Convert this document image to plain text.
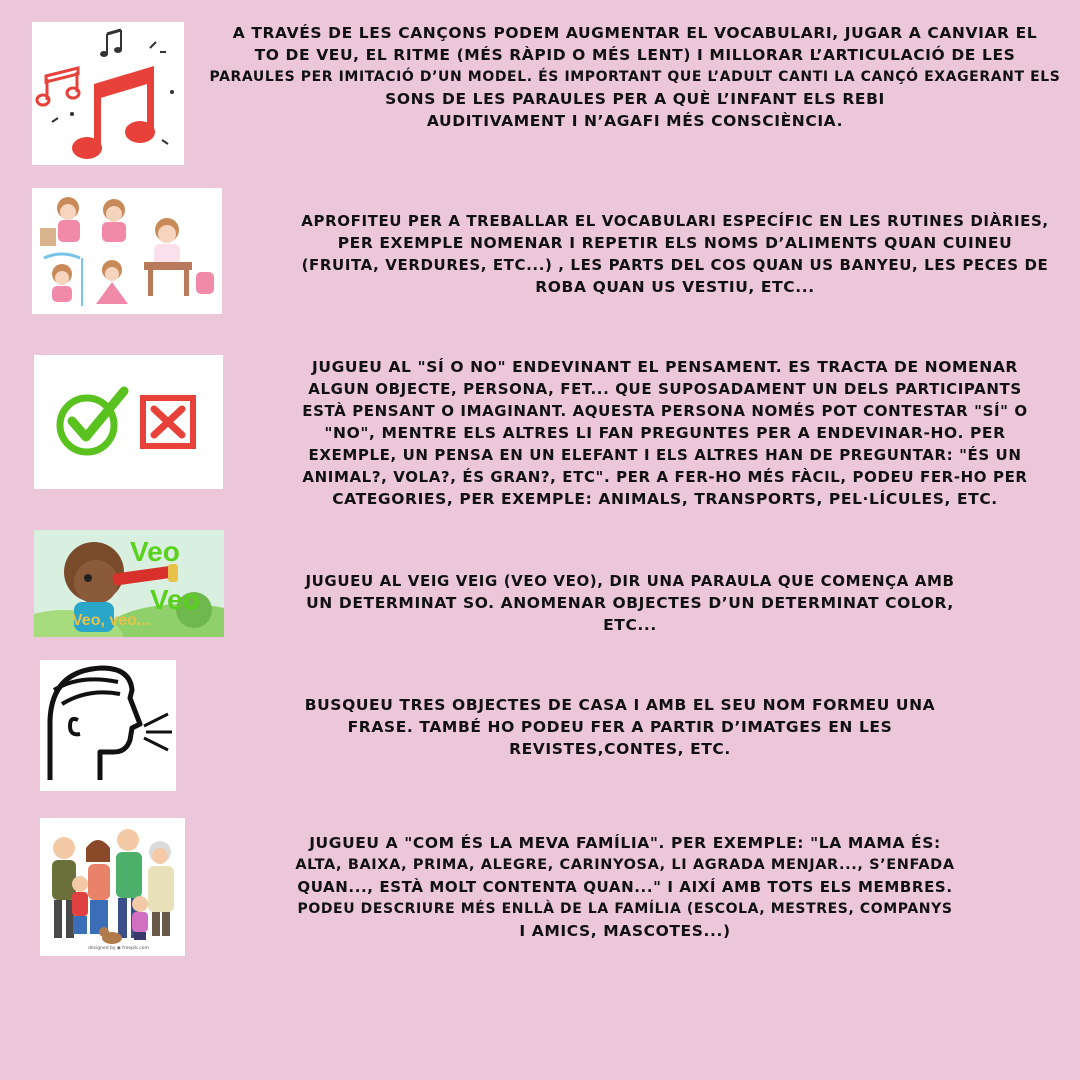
A TRAVÉS DE LES CANÇONS PODEM AUGMENTAR EL VOCABULARI, JUGAR A CANVIAR EL
TO DE VEU, EL RITME (MÉS RÀPID O MÉS LENT) I MILLORAR L’ARTICULACIÓ DE LES
PARAULES PER IMITACIÓ D’UN MODEL. ÉS IMPORTANT QUE L’ADULT CANTI LA CANÇÓ EXAGERANT ELS
SONS DE LES PARAULES PER A QUÈ L’INFANT ELS REBI
AUDITIVAMENT I N’AGAFI MÉS CONSCIÈNCIA.

APROFITEU PER A TREBALLAR EL VOCABULARI ESPECÍFIC EN LES RUTINES DIÀRIES,
PER EXEMPLE NOMENAR I REPETIR ELS NOMS D’ALIMENTS QUAN CUINEU
(FRUITA, VERDURES, ETC...) , LES PARTS DEL COS QUAN US BANYEU, LES PECES DE
ROBA QUAN US VESTIU, ETC...

JUGUEU AL "SÍ O NO" ENDEVINANT EL PENSAMENT. ES TRACTA DE NOMENAR
ALGUN OBJECTE, PERSONA, FET... QUE SUPOSADAMENT UN DELS PARTICIPANTS
ESTÀ PENSANT O IMAGINANT. AQUESTA PERSONA NOMÉS POT CONTESTAR "SÍ" O
"NO", MENTRE ELS ALTRES LI FAN PREGUNTES PER A ENDEVINAR-HO. PER
EXEMPLE, UN PENSA EN UN ELEFANT I ELS ALTRES HAN DE PREGUNTAR: "ÉS UN
ANIMAL?, VOLA?, ÉS GRAN?, ETC". PER A FER-HO MÉS FÀCIL, PODEU FER-HO PER
CATEGORIES, PER EXEMPLE: ANIMALS, TRANSPORTS, PEL·LÍCULES, ETC.

Veo
Veo
Veo, veo...

JUGUEU AL VEIG VEIG (VEO VEO), DIR UNA PARAULA QUE COMENÇA AMB
UN DETERMINAT SO. ANOMENAR OBJECTES D’UN DETERMINAT COLOR,
ETC...

BUSQUEU TRES OBJECTES DE CASA I AMB EL SEU NOM FORMEU UNA
FRASE. TAMBÉ HO PODEU FER A PARTIR D’IMATGES EN LES
REVISTES,CONTES, ETC.

designed by ◉ freepik.com

JUGUEU A "COM ÉS LA MEVA FAMÍLIA". PER EXEMPLE: "LA MAMA ÉS:
ALTA, BAIXA, PRIMA, ALEGRE, CARINYOSA, LI AGRADA MENJAR..., S’ENFADA
QUAN..., ESTÀ MOLT CONTENTA QUAN..." I AIXÍ AMB TOTS ELS MEMBRES.
PODEU DESCRIURE MÉS ENLLÀ DE LA FAMÍLIA (ESCOLA, MESTRES, COMPANYS
I AMICS, MASCOTES...)
